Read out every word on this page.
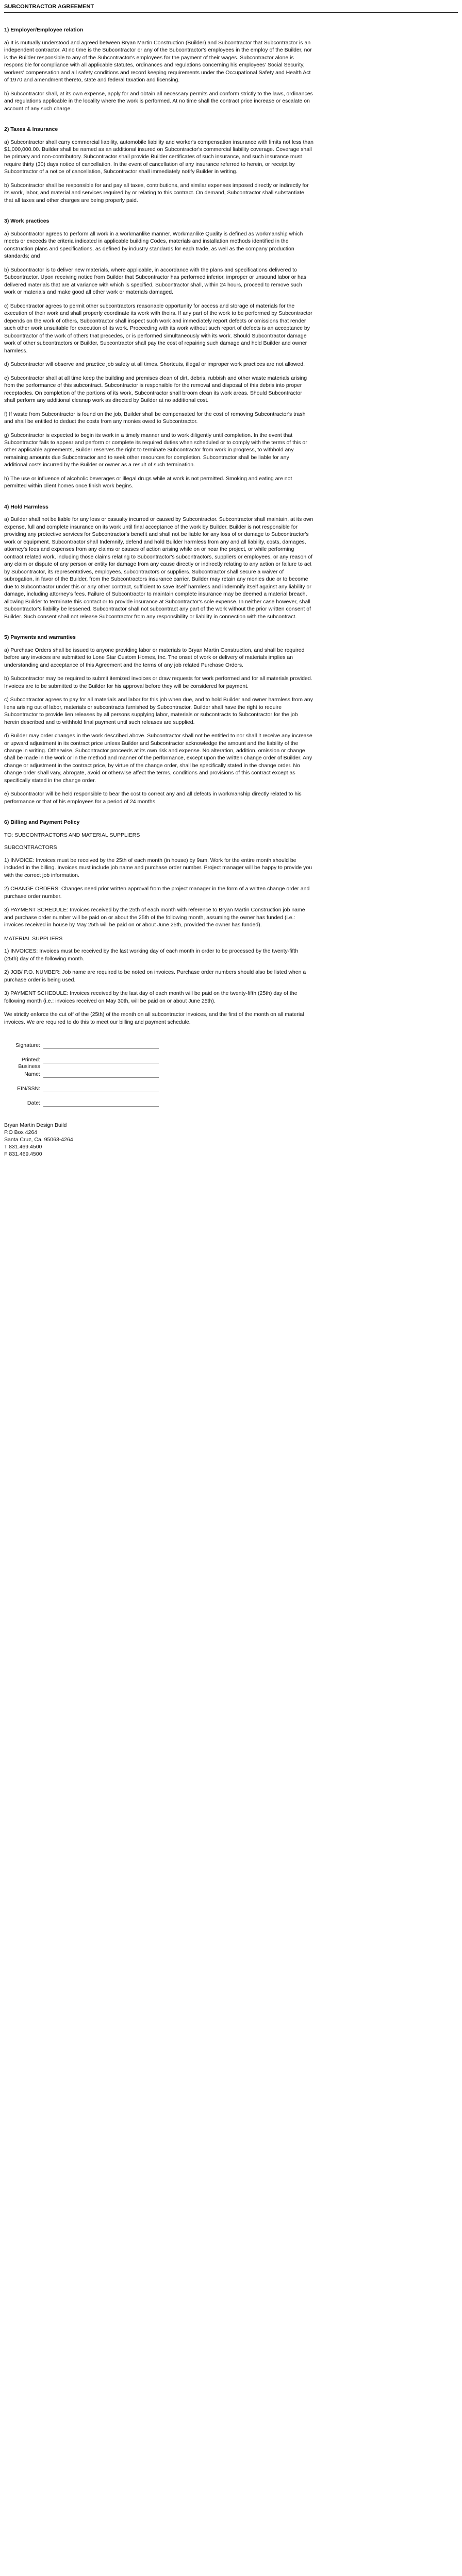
SUBCONTRACTOR AGREEMENT
1) Employer/Employee relation

a) It is mutually understood and agreed between Bryan Martin Construction (Builder) and Subcontractor that Subcontractor is an independent contractor. At no time is the Subcontractor or any of the Subcontractor's employees in the employ of the Builder, nor is the Builder responsible to any of the Subcontractor's employees for the payment of their wages. Subcontractor alone is responsible for compliance with all applicable statutes, ordinances and regulations concerning his employees' Social Security, workers' compensation and all safety conditions and record keeping requirements under the Occupational Safety and Health Act of 1970 and amendment thereto, state and federal taxation and licensing.

b) Subcontractor shall, at its own expense, apply for and obtain all necessary permits and conform strictly to the laws, ordinances and regulations applicable in the locality where the work is performed. At no time shall the contract price increase or escalate on account of any such charge.

2) Taxes & Insurance

a) Subcontractor shall carry commercial liability, automobile liability and worker's compensation insurance with limits not less than $1,000,000.00. Builder shall be named as an additional insured on Subcontractor's commercial liability coverage. Coverage shall be primary and non-contributory. Subcontractor shall provide Builder certificates of such insurance, and such insurance must require thirty (30) days notice of cancellation. In the event of cancellation of any insurance referred to herein, or receipt by Subcontractor of a notice of cancellation, Subcontractor shall immediately notify Builder in writing.

b) Subcontractor shall be responsible for and pay all taxes, contributions, and similar expenses imposed directly or indirectly for its work, labor, and material and services required by or relating to this contract. On demand, Subcontractor shall substantiate that all taxes and other charges are being properly paid.

3) Work practices

a) Subcontractor agrees to perform all work in a workmanlike manner. Workmanlike Quality is defined as workmanship which meets or exceeds the criteria indicated in applicable building Codes, materials and installation methods identified in the construction plans and specifications, as defined by industry standards for each trade, as well as the company production standards; and

b) Subcontractor is to deliver new materials, where applicable, in accordance with the plans and specifications delivered to Subcontractor. Upon receiving notice from Builder that Subcontractor has performed inferior, improper or unsound labor or has delivered materials that are at variance with which is specified, Subcontractor shall, within 24 hours, proceed to remove such work or materials and make good all other work or materials damaged.

c) Subcontractor agrees to permit other subcontractors reasonable opportunity for access and storage of materials for the execution of their work and shall properly coordinate its work with theirs. If any part of the work to be performed by Subcontractor depends on the work of others, Subcontractor shall inspect such work and immediately report defects or omissions that render such other work unsuitable for execution of its work. Proceeding with its work without such report of defects is an acceptance by Subcontractor of the work of others that precedes, or is performed simultaneously with its work. Should Subcontractor damage work of other subcontractors or Builder, Subcontractor shall pay the cost of repairing such damage and hold Builder and owner harmless.

d) Subcontractor will observe and practice job safety at all times. Shortcuts, illegal or improper work practices are not allowed.

e) Subcontractor shall at all time keep the building and premises clean of dirt, debris, rubbish and other waste materials arising from the performance of this subcontract. Subcontractor is responsible for the removal and disposal of this debris into proper receptacles. On completion of the portions of its work, Subcontractor shall broom clean its work areas. Should Subcontractor shall perform any additional cleanup work as directed by Builder at no additional cost.

f) If waste from Subcontractor is found on the job, Builder shall be compensated for the cost of removing Subcontractor's trash and shall be entitled to deduct the costs from any monies owed to Subcontractor.

g) Subcontractor is expected to begin its work in a timely manner and to work diligently until completion. In the event that Subcontractor fails to appear and perform or complete its required duties when scheduled or to comply with the terms of this or other applicable agreements, Builder reserves the right to terminate Subcontractor from work in progress, to withhold any remaining amounts due Subcontractor and to seek other resources for completion. Subcontractor shall be liable for any additional costs incurred by the Builder or owner as a result of such termination.

h) The use or influence of alcoholic beverages or illegal drugs while at work is not permitted. Smoking and eating are not permitted within client homes once finish work begins.

4) Hold Harmless

a) Builder shall not be liable for any loss or casualty incurred or caused by Subcontractor. Subcontractor shall maintain, at its own expense, full and complete insurance on its work until final acceptance of the work by Builder. Builder is not responsible for providing any protective services for Subcontractor's benefit and shall not be liable for any loss of or damage to Subcontractor's work or equipment. Subcontractor shall Indemnify, defend and hold Builder harmless from any and all liability, costs, damages, attorney's fees and expenses from any claims or causes of action arising while on or near the project, or while performing contract related work, including those claims relating to Subcontractor's subcontractors, suppliers or employees, or any reason of any claim or dispute of any person or entity for damage from any cause directly or indirectly relating to any action or failure to act by Subcontractor, its representatives, employees, subcontractors or suppliers. Subcontractor shall secure a waiver of subrogation, in favor of the Builder, from the Subcontractors insurance carrier. Builder may retain any monies due or to become due to Subcontractor under this or any other contract, sufficient to save itself harmless and indemnify itself against any liability or damage, including attorney's fees. Failure of Subcontractor to maintain complete insurance may be deemed a material breach, allowing Builder to terminate this contact or to provide insurance at Subcontractor's sole expense. In neither case however, shall Subcontractor's liability be lessened. Subcontractor shall not subcontract any part of the work without the prior written consent of Builder. Such consent shall not release Subcontractor from any responsibility or liability in connection with the subcontract.

5) Payments and warranties

a) Purchase Orders shall be issued to anyone providing labor or materials to Bryan Martin Construction, and shall be required before any invoices are submitted to Lone Star Custom Homes, Inc. The onset of work or delivery of materials implies an understanding and acceptance of this Agreement and the terms of any job related Purchase Orders.

b) Subcontractor may be required to submit itemized invoices or draw requests for work performed and for all materials provided. Invoices are to be submitted to the Builder for his approval before they will be considered for payment.

c) Subcontractor agrees to pay for all materials and labor for this job when due, and to hold Builder and owner harmless from any liens arising out of labor, materials or subcontracts furnished by Subcontractor. Builder shall have the right to require Subcontractor to provide lien releases by all persons supplying labor, materials or subcontracts to Subcontractor for the job herein described and to withhold final payment until such releases are supplied.

d) Builder may order changes in the work described above. Subcontractor shall not be entitled to nor shall it receive any increase or upward adjustment in its contract price unless Builder and Subcontractor acknowledge the amount and the liability of the change in writing. Otherwise, Subcontractor proceeds at its own risk and expense. No alteration, addition, omission or change shall be made in the work or in the method and manner of the performance, except upon the written change order of Builder. Any change or adjustment in the contract price, by virtue of the change order, shall be specifically stated in the change order. No change order shall vary, abrogate, avoid or otherwise affect the terms, conditions and provisions of this contract except as specifically stated in the change order.

e) Subcontractor will be held responsible to bear the cost to correct any and all defects in workmanship directly related to his performance or that of his employees for a period of 24 months.

6) Billing and Payment Policy

TO: SUBCONTRACTORS AND MATERIAL SUPPLIERS

SUBCONTRACTORS

1) INVOICE: Invoices must be received by the 25th of each month (in house) by 9am. Work for the entire month should be included in the billing. Invoices must include job name and purchase order number. Project manager will be happy to provide you with the correct job information.

2) CHANGE ORDERS: Changes need prior written approval from the project manager in the form of a written change order and purchase order number.

3) PAYMENT SCHEDULE: Invoices received by the 25th of each month with reference to Bryan Martin Construction job name and purchase order number will be paid on or about the 25th of the following month, assuming the owner has funded (i.e.: invoices received in house by May 25th will be paid on or about June 25th, provided the owner has funded).

MATERIAL SUPPLIERS

1) INVOICES: Invoices must be received by the last working day of each month in order to be processed by the twenty-fifth (25th) day of the following month.

2) JOB/ P.O. NUMBER: Job name are required to be noted on invoices. Purchase order numbers should also be listed when a purchase order is being used.

3) PAYMENT SCHEDULE: Invoices received by the last day of each month will be paid on the twenty-fifth (25th) day of the following month (i.e.: invoices received on May 30th, will be paid on or about June 25th).

We strictly enforce the cut off of the (25th) of the month on all subcontractor invoices, and the first of the month on all material invoices. We are required to do this to meet our billing and payment schedule.

Signature:
Printed:
Business Name:
EIN/SSN:
Date:
Bryan Martin Design Build
P.O Box 4264
Santa Cruz, Ca. 95063-4264
T 831.469.4500
F 831.469.4500
